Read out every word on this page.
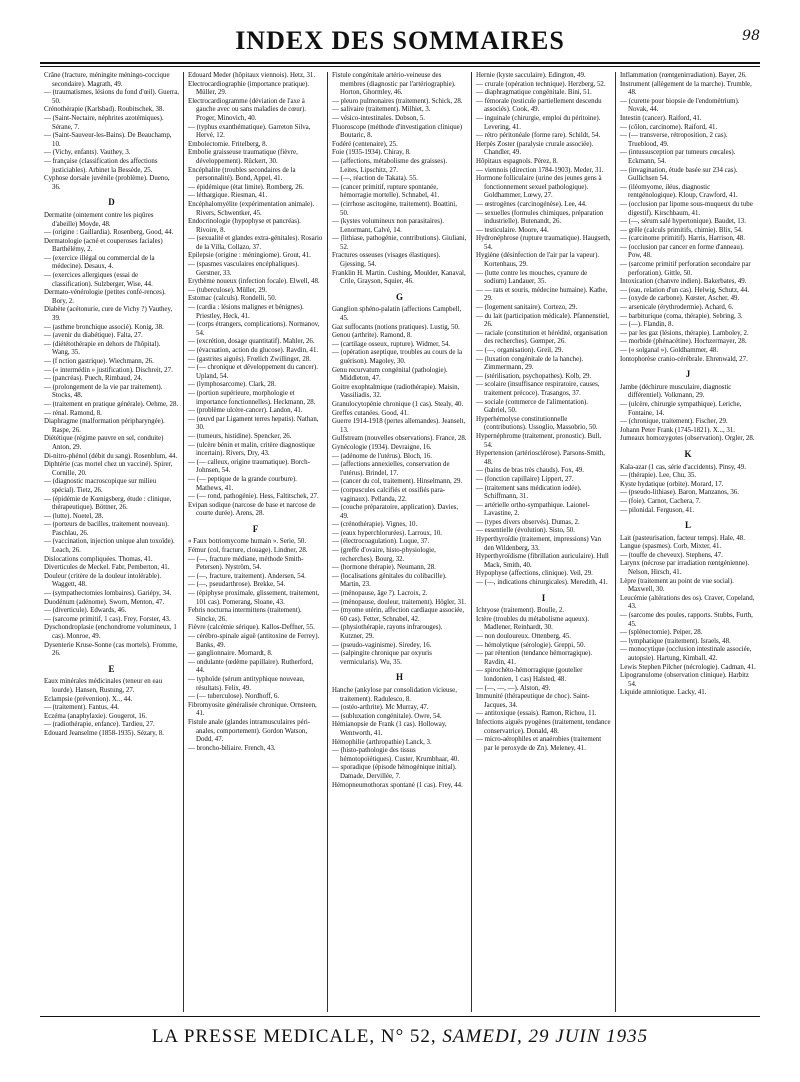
INDEX DES SOMMAIRES	98

Crâne (fracture, méningite méningo-coccique secondaire). Magrath, 49.

— (traumatismes, lésions du fond d'œil). Guerra, 50.

Crénothérapie (Karlsbad). Roubitschek, 38.

— (Saint-Nectaire, néphrites azotémiques). Sérane, 7.

— (Saint-Sauveur-les-Bains). De Beauchamp, 10.

— (Vichy, enfants). Vauthey, 3.

— française (classification des affections justiciables). Arbinet la Bessède, 25.

Cyphose dorsale juvénile (problème). Dueno, 36.

D

Dermatite (ointement contre les piqûres d'abeille) Moyde, 48.

— (origine : Gaillardia). Rosenberg, Good, 44.

Dermatologie (acné et couperoses faciales) Barthélémy, 2.

— (exercice illégal ou commercial de la médecine). Desaux, 4.

— (exercices allergiques (essai de classification). Sulzberger, Wise, 44.

Dermato-vénérologie (petites confé-rences). Bory, 2.

Diabète (acétonurie, cure de Vichy ?) Vauthey, 39.

— (asthme bronchique associé). Konig, 38.

— (avenir du diabétique). Falta, 27.

— (diététothérapie en dehors de l'hôpital). Wang, 35.

— (f nction gastrique). Wiechmann, 26.

— (« intermédin » justification). Dischreit, 27.

— (pancréas). Puech, Rimbaud, 24.

— (prolongement de la vie par traitement). Stocks, 48.

— (traitement en pratique générale). Oehme, 28.

— rénal. Ramond, 8.

Diaphragme (malformation péripharyngée). Raspe, 26.

Diététique (régime pauvre en sel, conduite) Anton, 29.

Di-nitro-phénol (débit du sang). Rosenblum, 44.

Diphtérie (cas mortel chez un vacciné). Spirer, Cornille, 20.

— (diagnostic macroscopique sur milieu spécial). Tietz, 26.

— (épidémie de Kœnigsberg, étude : clinique, thérapeutique). Böttner, 26.

— (lutte). Noetel, 28.

— (porteurs de bacilles, traitement nouveau). Paschlau, 26.

— (vaccination, injection unique alun toxoïde). Leach, 26.

Dislocations compliquées. Thomas, 41.

Diverticules de Meckel. Fabr, Pemberton, 41.

Douleur (critère de la douleur intolérable). Waggett, 48.

— (sympathectomies lombaires). Gariépy, 34.

Duodénum (adénome). Sworn, Menton, 47.

— (diverticule). Edwards, 46.

— (sarcome primitif, 1 cas). Frey, Forster, 43.

Dyschondroplasie (enchondrome volumineux, 1 cas). Monroe, 49.

Dysenterie Kruse-Sonne (cas mortels). Fromme, 26.

E

Eaux minérales médicinales (teneur en eau lourde). Hansen, Rustung, 27.

Eclampsie (prévention). X.., 44.

— (traitement). Fantus, 44.

Eczéma (anaphylaxie). Gougerot, 16.

— (radiothérapie, enfance). Tardieu, 27.

Edouard Jeanselme (1858-1935). Sézary, 8.

Edouard Meder (hôpitaux viennois). Hetz, 31.

Electrocardiographie (importance pratique). Müller, 29.

Electrocardiogramme (déviation de l'axe à gauche avec ou sans maladies de cœur). Proger, Minovich, 40.

— (typhus exanthématique). Garreton Silva, Hervé, 12.

Embolectomie. Fritelberg, 8.

Embolie graisseuse traumatique (fièvre, développement). Rückert, 30.

Encéphalite (troubles secondaires de la personnalité). Bond, Appel, 41.

— épidémique (état limite). Romberg, 26.

— léthargique. Riesman, 41.

Encéphalomyélite (expérimentation animale). Rivers, Schwentker, 45.

Endocrinologie (hypophyse et pancréas). Rivoire, 8.

— (sexualité et glandes extra-génitales). Rosario de la Villa, Collazo, 37.

Epilepsie (origine : méningiome). Grout, 41.

— (spasmes vasculaires encéphaliques). Gerstner, 33.

Erythème noueux (infection focale). Elwell, 48.

— (tuberculose). Müller, 29.

Estomac (calculs). Rondelli, 50.

— (cardia : lésions malignes et bénignes). Priestley, Heck, 41.

— (corps étrangers, complications). Normanov, 54.

— (excrétion, dosage quantitatif). Mahler, 26.

— (évacuation, action du glucose). Ravdin, 41.

— (gastrites aiguës). Frœlich Zwillinger, 28.

— (— chronique et développement du cancer). Upland, 54.

— (lymphosarcome). Clark, 28.

— (portion supérieure, morphologie et importance fonctionnelles). Heckmann, 28.

— (problème ulcère-cancer). Landon, 41.

— (œuvd par Ligament terres hepatis). Nathan, 30.

— (tumeurs, histidine). Spencker, 26.

— (ulcère bénin et malin, critère diagnostique incertain). Rivers, Dry, 43.

— (— calleux, origine traumatique). Borch-Johnsen, 54.

— (— peptique de la grande courbure). Mathews, 41.

— (— rond, pathogénie). Hess, Faltitschek, 27.

Evipan sodique (narcose de base et narcose de courte durée). Arens, 28.

F

« Faux botriomycome humain ». Serie, 50.

Fémur (col, fracture, clouage). Lindner, 28.

— (—, fracture médiane, méthode Smith-Petersen). Nyström, 54.

— (—, fracture, traitement). Andersen, 54.

— (—, pseudarthrose). Brekke, 54.

— (épiphyse proximale, glissement, traitement, 101 cas). Pomerang, Sloane, 43.

Febris nocturna intermittens (traitement). Sincke, 26.

Fièvre (calcémie sérique). Kallos-Deffner, 55.

— cérébro-spinale aiguë (antitoxine de Ferrey). Banks, 49.

— ganglionnaire. Mornardt, 8.

— ondulante (œdème papillaire). Rutherford, 44.

— typhoïde (sérum antityphique nouveau, résultats). Felix, 49.

— (— tuberculose). Nordhoff, 6.

Fibromyosite généralisée chronique. Ornsteen, 41.

Fistule anale (glandes intramusculaires péri-anales, comportement). Gordon Watson, Dodd, 47.

— broncho-biliaire. French, 43.

Fistule congénitale artério-veineuse des membres (diagnostic par l'artériographie). Horton, Ghormley, 46.

— pleuro pulmonaires (traitement). Schick, 28.

— salivaire (traitement). Milhiet, 3.

— vésico-intestinales. Dobson, 5.

Fluoroscope (méthode d'investigation clinique) Boutaric, 8.

Fodéré (centenaire), 25.

Foie (1935-1934). Chiray, 8.

— (affections, métabolisme des graisses). Leites, Lipschitz, 27.

— (—, réaction de Takata). 55.

— (cancer primitif, rupture spontanée, hémorragie mortelle). Schnabel, 41.

— (cirrhose ascitogène, traitement). Boattini, 50.

— (kystes volumineux non parasitaires). Lenormant, Calvé, 14.

— (lithiase, pathogénie, contributions). Giuliani, 52.

Fractures osseuses (visages élastiques). Gjessing, 54.

Franklin H. Martin. Cushing, Moulder, Kanaval, Crile, Grayson, Squier, 46.

G

Ganglion sphéno-palatin (affections Campbell, 45.

Gaz suffocants (notions pratiques). Lustig, 50.

Genou (arthrite). Ramond, 8.

— (cartilage osseux, rupture). Widmer, 54.

— (opération aseptique, troubles au cours de la guérison). Magoley, 30.

Genu recurvatum congénital (pathologie). Middleton, 47.

Goitre exophtalmique (radiothérapie). Maisin, Vassiliadis, 32.

Granulocytopénie chronique (1 cas). Stealy, 40.

Greffes cutanées. Good, 41.

Guerre 1914-1918 (pertes allemandes). Jeanselt, 13.

Gulfstream (nouvelles observations). France, 28.

Gynécologie (1934). Devraigne, 16.

— (adénome de l'utérus). Bloch, 16.

— (affections annexielles, conservation de l'utérus). Brindel, 17.

— (cancer du col, traitement). Hinselmann, 29.

— (corpuscules calcifiés et ossifiés para-vaginaux). Pellanda, 22.

— (couche préparatoire, application). Davies, 49.

— (crénothérapie). Vignes, 10.

— (eaux hyperchlorurées). Larroux, 10.

— (électrocoagulation). Luque, 37.

— (greffe d'ovaire, histo-physiologie, recherches). Bourg, 32.

— (hormone thérapie). Neumann, 28.

— (localisations génitales du colibacille). Martin, 23.

— (ménopause, âge ?). Lacroix, 2.

— (ménopause, douleur, traitement). Högler, 31.

— (myome utérin, affection cardiaque associée, 60 cas). Fetter, Schnabel, 42.

— (physiothérapie, rayons infrarouges). Kutzner, 29.

— (pseudo-vaginisme). Siredey, 16.

— (salpingite chronique par oxyuris vermicularis). Wu, 35.

H

Hanche (ankylose par consolidation vicieuse, traitement). Radulesco, 8.

— (ostéo-arthrite). Mc Murray, 47.

— (subluxation congénitale). Owre, 54.

Hémianopsie de Frank (1 cas). Holloway, Wentworth, 41.

Hémophilie (arthropathie) Lanck, 3.

— (histo-pathologie des tissus hémotopoïétiques). Custer, Krumbhaar, 40.

— sporadique (épisode hémogénique initial). Damade, Dervillée, 7.

Hémopneumothorax spontané (1 cas). Frey, 44.

Hernie (kyste sacculaire). Edington, 49.

— crurale (opération technique). Herzberg, 52.

— diaphragmatique congénitale. Bini, 51.

— fémorale (testicule partiellement descendu associés). Cook, 49.

— inguinale (chirurgie, emploi du péritoine). Levering, 41.

— rétro péritonéale (forme rare). Schildt, 54.

Herpès Zoster (paralysie crurale associée). Chandler, 49.

Hôpitaux espagnols. Pérez, 8.

— viennois (direction 1784-1903). Meder, 31.

Hormone folliculaire (urine des jeunes gens à fonctionnement sexuel pathologique). Goldhammer, Lœwy, 27.

— œstrogènes (carcinogénèse). Lee, 44.

— sexuelles (formules chimiques, préparation industrielle). Butenandt, 26.

— testiculaire. Moore, 44.

Hydronéphrose (rupture traumatique). Haugseth, 54.

Hygiène (désinfection de l'air par la vapeur). Kortenhaus, 29.

— (lutte contre les mouches, cyanure de sodium) Landauer, 35.

— — rats et souris, médecine humaine). Kathe, 29.

— (logement sanitaire). Cortezo, 29.

— du lait (participation médicale). Pfannenstiel, 26.

— raciale (constitution et hérédité, organisation des recherches). Gœmper, 26.

— (—, organisation). Greil, 29.

— (luxation congénitale de la hanche). Zimmermann, 29.

— (stérilisation, psychopathes). Kolb, 29.

— scolaire (insuffisance respiratoire, causes, traitement précoce). Trasangos, 37.

— sociale (commerce de l'alimentation). Gabriel, 50.

Hyperhémolyse constitutionnelle (contributions). Ussoglio, Massobrio, 50.

Hypernéphrome (traitement, pronostic). Bull, 54.

Hypertension (artériosclérose). Parsons-Smith, 48.

— (bains de bras très chauds). Fox, 49.

— (fonction capillaire) Lippert, 27.

— (traitement sans médication iodée). Schiffmann, 31.

— artérielle ortho-sympathique. Laionel-Lavastine, 2.

— (types divers observés). Dumas, 2.

— essentielle (évolution). Sisto, 50.

Hyperthyroïdie (traitement, impressions) Van den Wildenberg, 33.

Hyperthyroïdisme (fibrillation auriculaire). Hull Mack, Smith, 40.

Hypophyse (affections, clinique). Veil, 29.

— (—, indications chirurgicales). Meredith, 41.

I

Ichtyose (traitement). Boulle, 2.

Ictère (troubles du métabolisme aqueux). Madlener, Reinhardt, 30.

— non douloureux. Ottenberg, 45.

— hémolytique (sérologie). Greppi, 50.

— par rétention (tendance hémorragique). Ravdin, 41.

— spirochéto-hémorragique (goutelier londonien, 1 cas) Halsted, 48.

— (—, —, —). Alston, 49.

Immunité (thérapeutique de choc). Saint-Jacques, 34.

— antitoxique (essais). Ramon, Richou, 11.

Infections aiguës pyogènes (traitement, tendance conservatrice). Donald, 48.

— micro-aérophiles et anaérobies (traitement par le peroxyde de Zn). Meleney, 41.

Inflammation (rœntgenirradiation). Bayer, 26.

Instrument (allègement de la marche). Trumble, 48.

— (curette pour biopsie de l'endométrium). Novak, 44.

Intestin (cancer). Raiford, 41.

— (côlon, carcinome). Raiford, 41.

— (— transverse, rétroposition, 2 cas). Trueblood, 49.

— (intussusception par tumeurs cœcales). Eckmann, 54.

— (invagination, étude basée sur 234 cas). Gullichsen 54.

— (iléomyome, iléus, diagnostic rentgénologique). Kloup, Crawford, 41.

— (occlusion par lipome sous-muqueux du tube digestif). Kirschbaum, 41.

— (—, sérum salé hypertonique). Baudet, 13.

— grêle (calculs primitifs, chimie). Blix, 54.

— (carcinome primitif). Harris, Harrison, 48.

— (occlusion par cancer en forme d'anneau). Pow, 48.

— (sarcome primitif perforation secondaire par perforation). Gittle, 50.

Intoxication (chanvre indien). Bakerbates, 49.

— (eau, relation d'un cas). Helwig, Schutz, 44.

— (oxyde de carbone). Kœster, Ascher, 49.

— arsenicale (érythrodermie). Achard, 6.

— barbiturique (coma, thérapie). Sebring, 3.

— (—). Flandin, 8.

— par les gaz (lésions, thérapie). Lamboley, 2.

— morbide (phénacétine). Hochzermayer, 28.

— (« solganal »). Goldhammer, 48.

Iontophorèse cranio-cérébrale. Ehrenwald, 27.

J

Jambe (déchirure musculaire, diagnostic différentiel). Volkmann, 29.

— (ulcère, chirurgie sympathique). Leriche, Fontaine, 14.

— (chronique, traitement). Fischer, 29.

Johann Peter Frank (1745-1821). X..., 31.

Jumeaux homozygotes (observation). Orgler, 28.

K

Kala-azar (1 cas, série d'accidents). Pinsy, 49.

— (thérapie). Lee, Chu, 35.

Kyste hydatique (orbite). Morard, 17.

— (pseudo-lithiase). Baron, Manzanos, 36.

— (foie). Carnot, Cachera, 7.

— pilonidal. Ferguson, 41.

L

Lait (pasteurisation, facteur temps). Hale, 48.

Langue (spasmes). Corb, Mixter, 41.

— (touffe de cheveux). Stephens, 47.

Larynx (nécrose par irradiation rœntgénienne). Nelson, Hirsch, 41.

Lèpre (traitement au point de vue social). Maxwell, 30.

Leucémie (altérations des os). Craver, Copeland, 43.

— (sarcome des poules, rapports. Stubbs, Furth, 45.

— (splénectomie). Peiper, 28.

— lymphatique (traitement). Israels, 48.

— monocytique (occlusion intestinale associée, autopsie). Hartung, Kimball, 42.

Lewis Stephen Pilcher (nécrologie). Cadman, 41.

Lipogranulome (observation clinique). Harbitz 54.

Liquide amniotique. Lacky, 41.

LA PRESSE MEDICALE, N° 52, SAMEDI, 29 JUIN 1935
